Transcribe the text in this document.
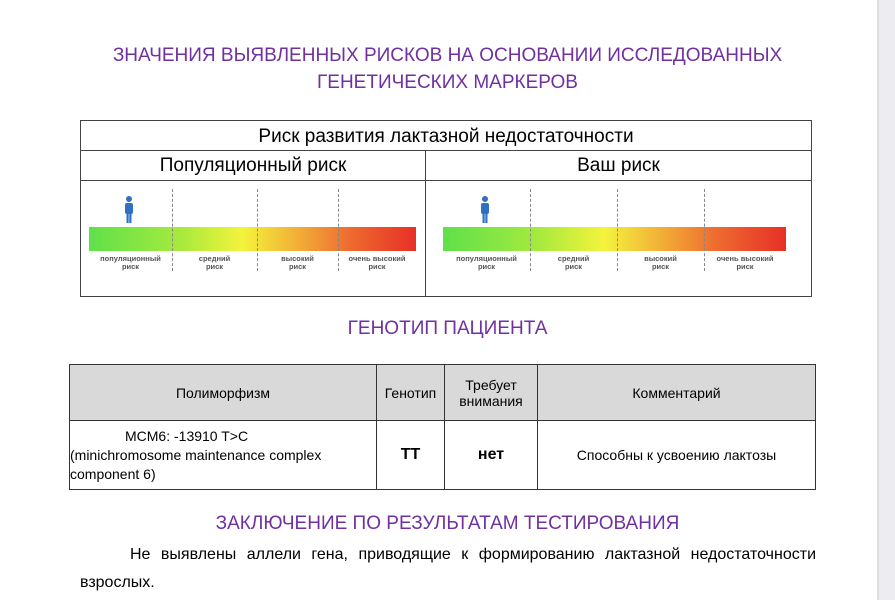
ЗНАЧЕНИЯ ВЫЯВЛЕННЫХ РИСКОВ НА ОСНОВАНИИ ИССЛЕДОВАННЫХ
ГЕНЕТИЧЕСКИХ МАРКЕРОВ
Риск развития лактазной недостаточности
Популяционный риск	Ваш риск
популяционный
риск
средний
риск
высокий
риск
очень высокий
риск
популяционный
риск
средний
риск
высокий
риск
очень высокий
риск
ГЕНОТИП ПАЦИЕНТА
Полиморфизм	Генотип	Требует внимания	Комментарий

MCM6: -13910 T>C
(minichromosome maintenance complex component 6)	TT	нет	Способны к усвоению лактозы
ЗАКЛЮЧЕНИЕ ПО РЕЗУЛЬТАТАМ ТЕСТИРОВАНИЯ
Не выявлены аллели гена, приводящие к формированию лактазной недостаточности взрослых.
